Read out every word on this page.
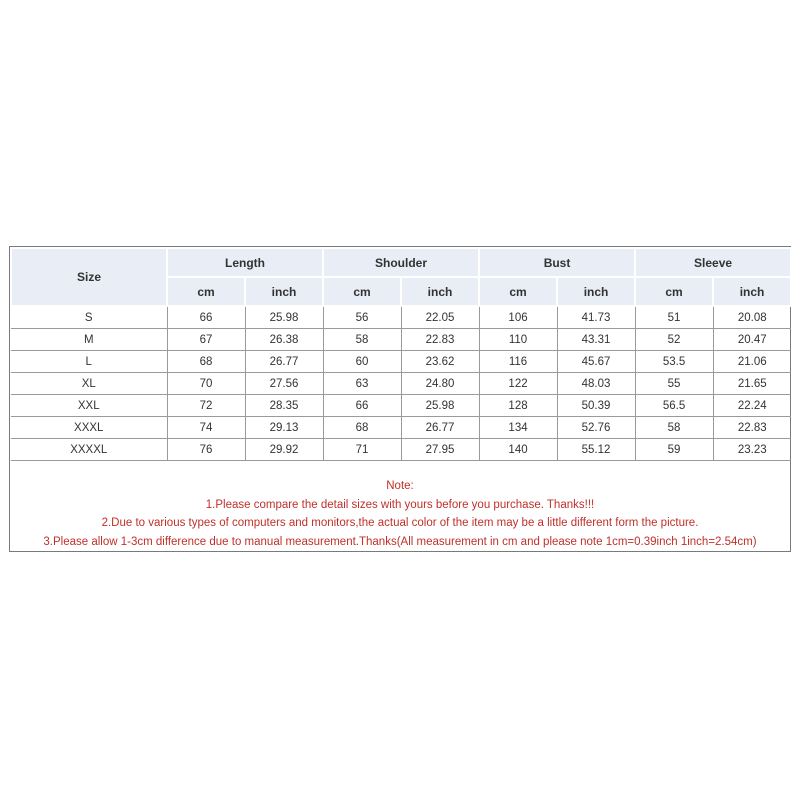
Size	Length		Shoulder		Bust		Sleeve	
	cm	inch	cm	inch	cm	inch	cm	inch
S	66	25.98	56	22.05	106	41.73	51	20.08
M	67	26.38	58	22.83	110	43.31	52	20.47
L	68	26.77	60	23.62	116	45.67	53.5	21.06
XL	70	27.56	63	24.80	122	48.03	55	21.65
XXL	72	28.35	66	25.98	128	50.39	56.5	22.24
XXXL	74	29.13	68	26.77	134	52.76	58	22.83
XXXXL	76	29.92	71	27.95	140	55.12	59	23.23
Note:
1.Please compare the detail sizes with yours before you purchase. Thanks!!!
2.Due to various types of computers and monitors,the actual color of the item may be a little different form the picture.
3.Please allow 1-3cm difference due to manual measurement.Thanks(All measurement in cm and please note 1cm=0.39inch 1inch=2.54cm)
